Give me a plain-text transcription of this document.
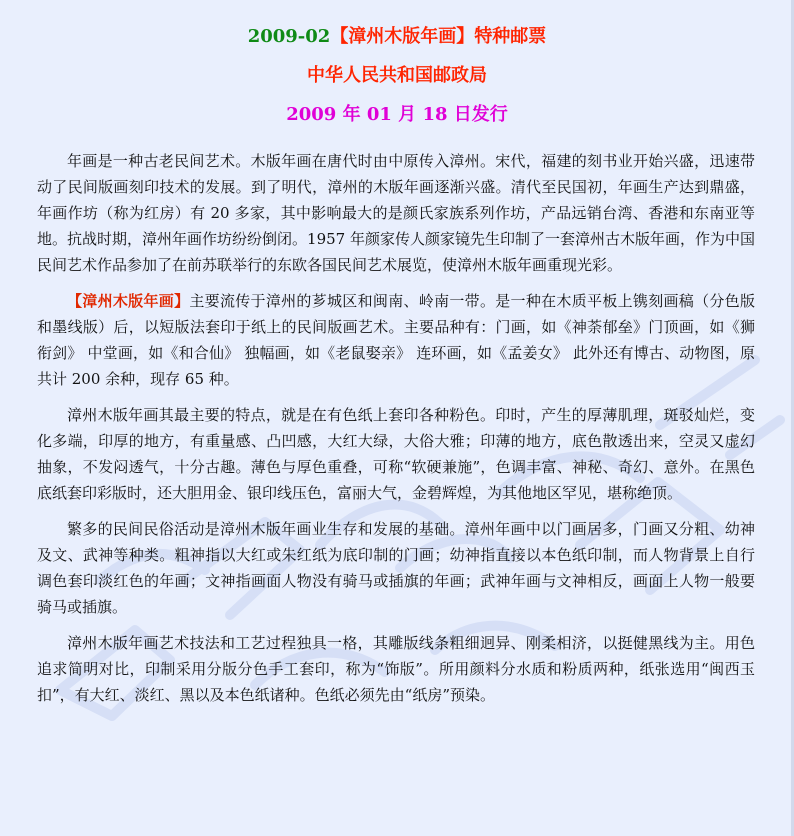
2009-02【漳州木版年画】特种邮票

中华人民共和国邮政局

2009 年 01 月 18 日发行

年画是一种古老民间艺术。木版年画在唐代时由中原传入漳州。宋代，福建的刻书业开始兴盛，迅速带动了民间版画刻印技术的发展。到了明代，漳州的木版年画逐渐兴盛。清代至民国初，年画生产达到鼎盛，年画作坊（称为红房）有 20 多家，其中影响最大的是颜氏家族系列作坊，产品远销台湾、香港和东南亚等地。抗战时期，漳州年画作坊纷纷倒闭。1957 年颜家传人颜家镜先生印制了一套漳州古木版年画，作为中国民间艺术作品参加了在前苏联举行的东欧各国民间艺术展览，使漳州木版年画重现光彩。

【漳州木版年画】主要流传于漳州的芗城区和闽南、岭南一带。是一种在木质平板上镌刻画稿（分色版和墨线版）后，以短版法套印于纸上的民间版画艺术。主要品种有：门画，如《神荼郁垒》门顶画，如《狮衔剑》 中堂画，如《和合仙》 独幅画，如《老鼠娶亲》 连环画，如《孟姜女》 此外还有博古、动物图，原共计 200 余种，现存 65 种。

漳州木版年画其最主要的特点，就是在有色纸上套印各种粉色。印时，产生的厚薄肌理，斑驳灿烂，变化多端，印厚的地方，有重量感、凸凹感，大红大绿，大俗大雅；印薄的地方，底色散透出来，空灵又虚幻抽象，不发闷透气，十分古趣。薄色与厚色重叠，可称“软硬兼施”，色调丰富、神秘、奇幻、意外。在黑色底纸套印彩版时，还大胆用金、银印线压色，富丽大气，金碧辉煌，为其他地区罕见，堪称绝顶。

繁多的民间民俗活动是漳州木版年画业生存和发展的基础。漳州年画中以门画居多，门画又分粗、幼神及文、武神等种类。粗神指以大红或朱红纸为底印制的门画；幼神指直接以本色纸印制，而人物背景上自行调色套印淡红色的年画；文神指画面人物没有骑马或插旗的年画；武神年画与文神相反，画面上人物一般要骑马或插旗。

漳州木版年画艺术技法和工艺过程独具一格，其雕版线条粗细迥异、刚柔相济，以挺健黑线为主。用色追求简明对比，印制采用分版分色手工套印，称为“饰版”。所用颜料分水质和粉质两种，纸张选用“闽西玉扣”，有大红、淡红、黑以及本色纸诸种。色纸必须先由“纸房”预染。
